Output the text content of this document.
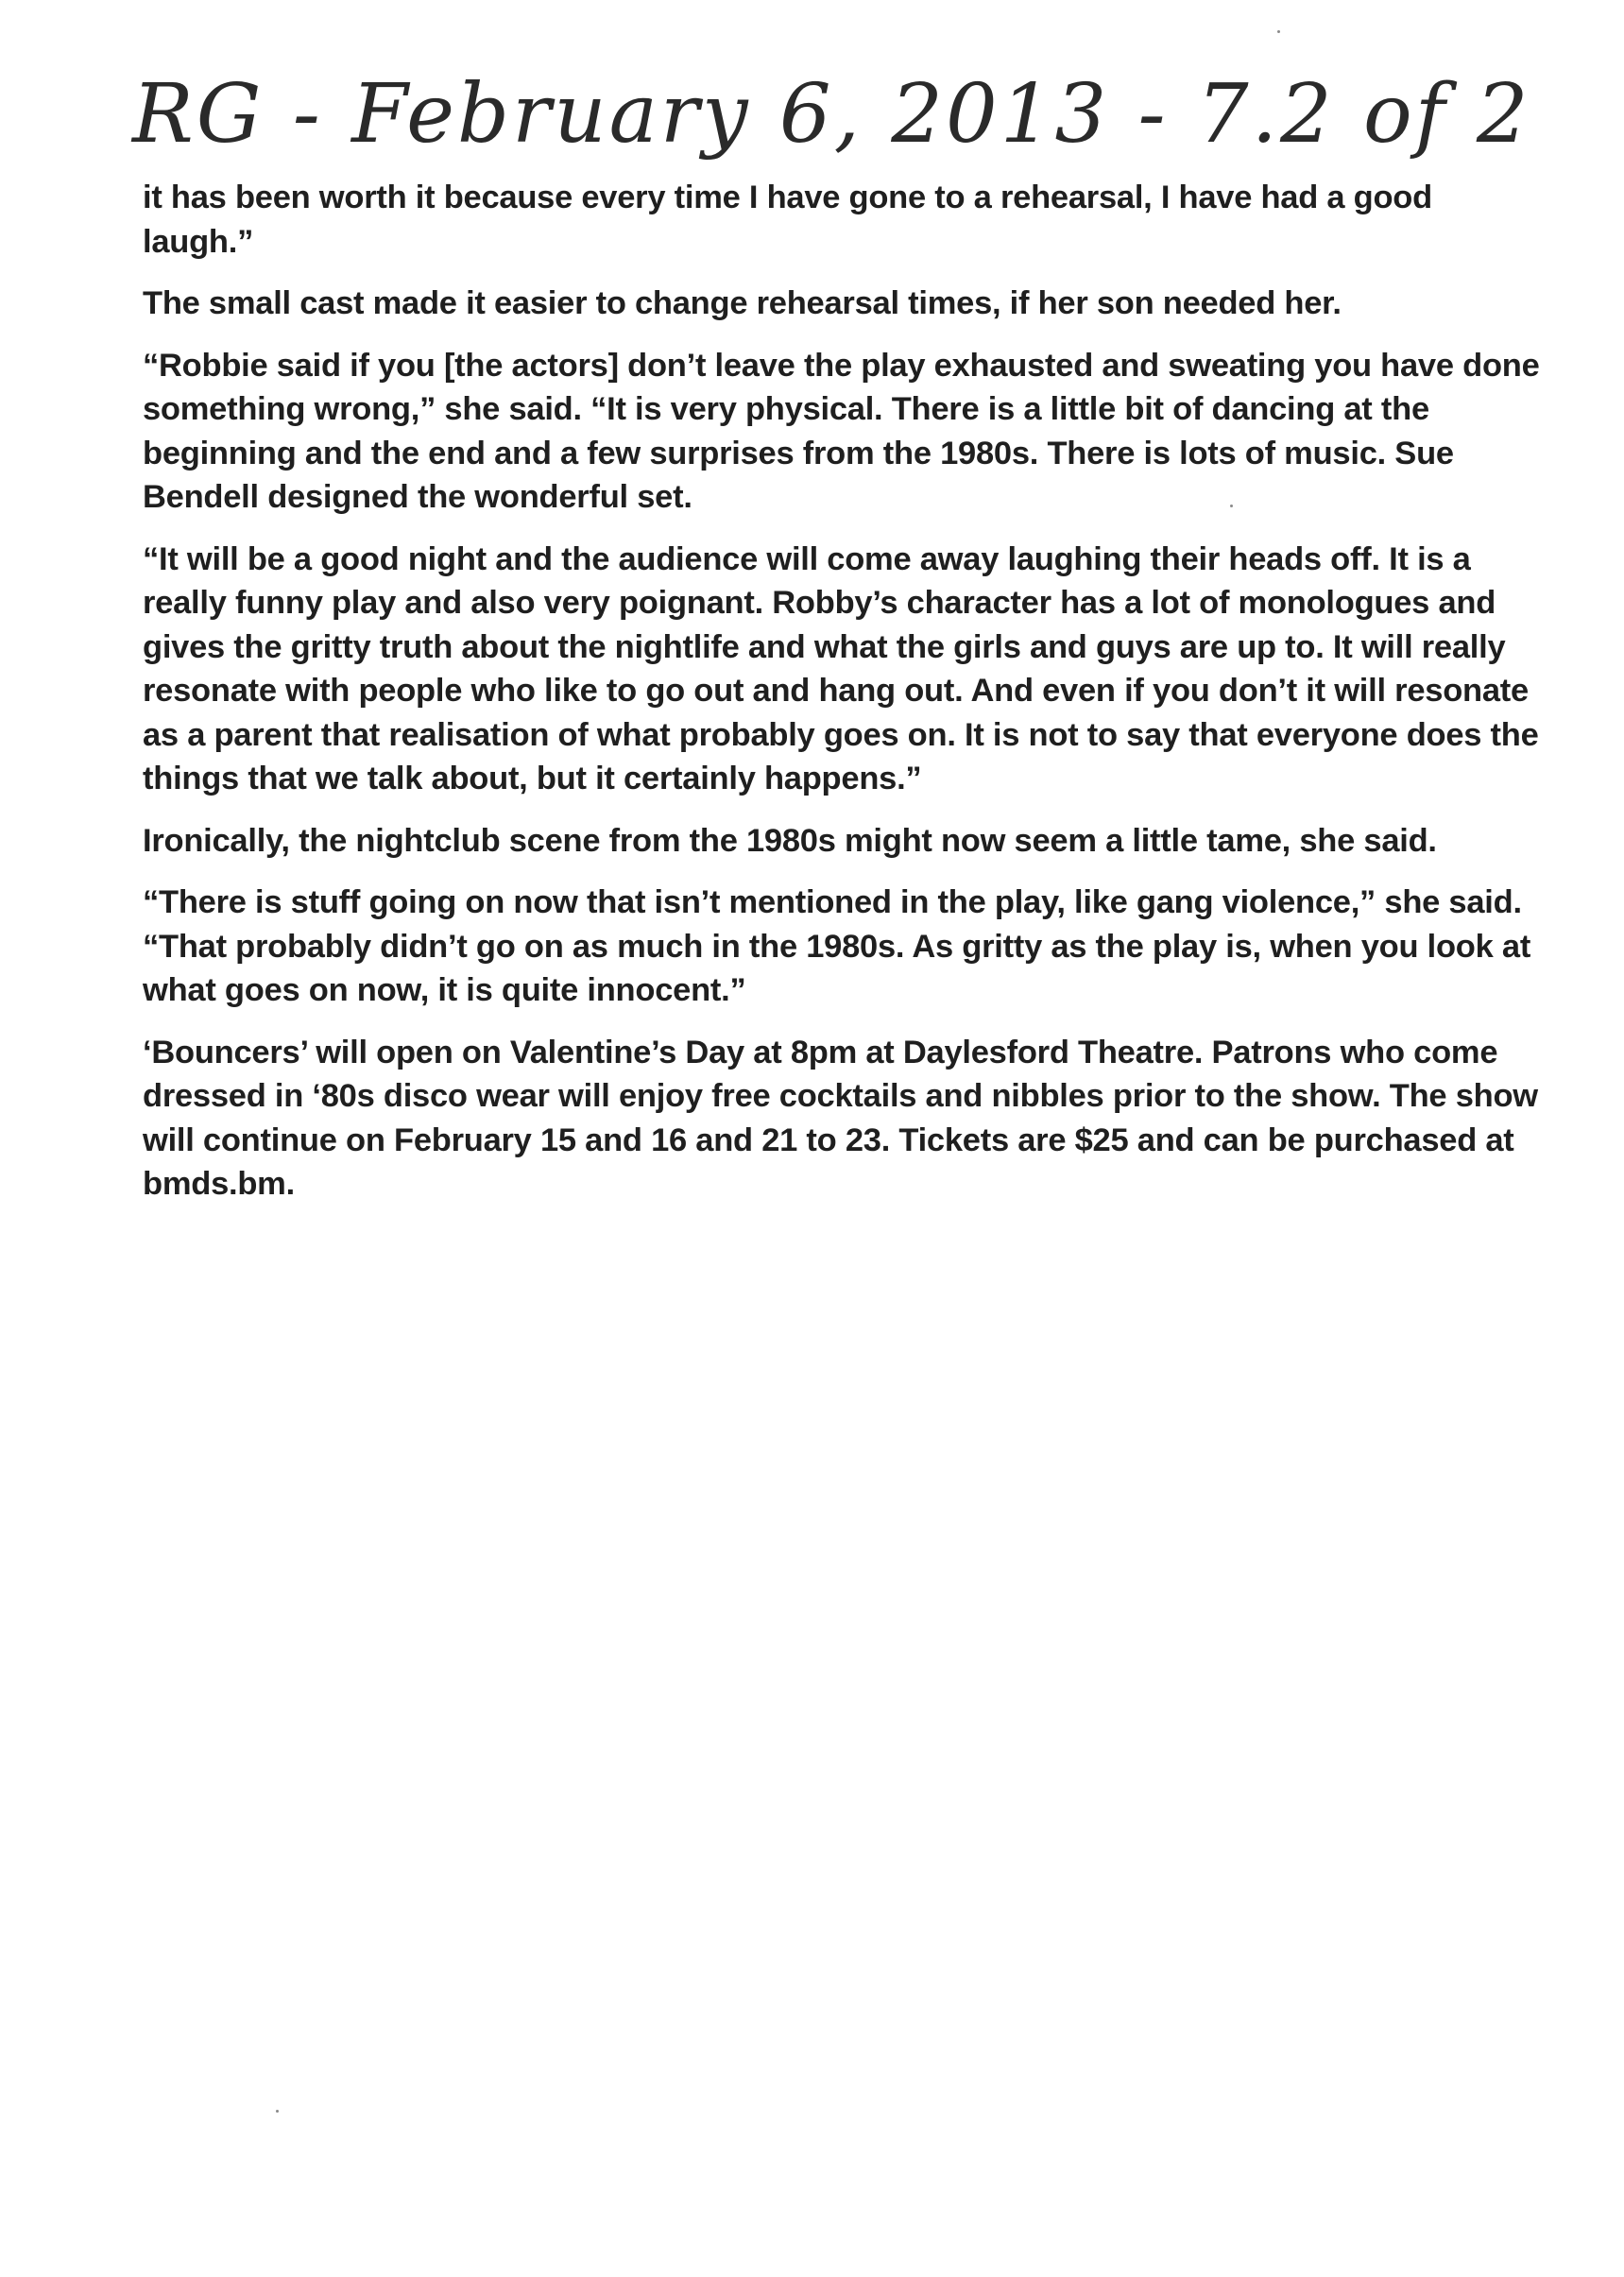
RG - February 6, 2013 - 7.2 of 2

it has been worth it because every time I have gone to a rehearsal, I have had a good laugh.”

The small cast made it easier to change rehearsal times, if her son needed her.

“Robbie said if you [the actors] don’t leave the play exhausted and sweating you have done something wrong,” she said. “It is very physical. There is a little bit of dancing at the beginning and the end and a few surprises from the 1980s. There is lots of music. Sue Bendell designed the wonderful set.

“It will be a good night and the audience will come away laughing their heads off. It is a really funny play and also very poignant. Robby’s character has a lot of monologues and gives the gritty truth about the nightlife and what the girls and guys are up to. It will really resonate with people who like to go out and hang out. And even if you don’t it will resonate as a parent that realisation of what probably goes on. It is not to say that everyone does the things that we talk about, but it certainly happens.”

Ironically, the nightclub scene from the 1980s might now seem a little tame, she said.

“There is stuff going on now that isn’t mentioned in the play, like gang violence,” she said. “That probably didn’t go on as much in the 1980s. As gritty as the play is, when you look at what goes on now, it is quite innocent.”

‘Bouncers’ will open on Valentine’s Day at 8pm at Daylesford Theatre. Patrons who come dressed in ‘80s disco wear will enjoy free cocktails and nibbles prior to the show. The show will continue on February 15 and 16 and 21 to 23. Tickets are $25 and can be purchased at bmds.bm.
